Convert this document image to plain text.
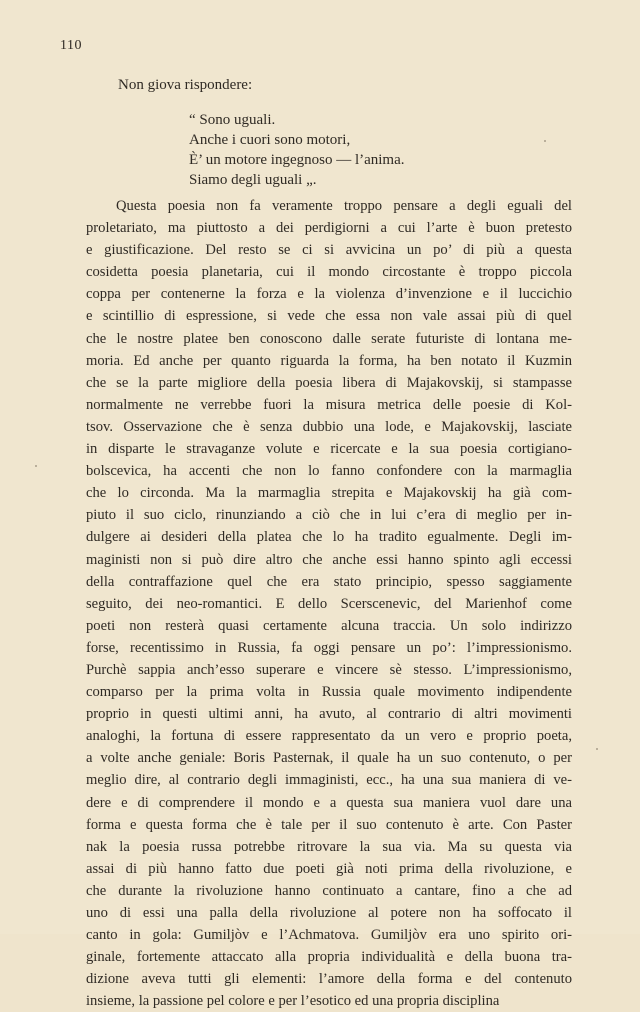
110
Non giova rispondere:
“ Sono uguali.
Anche i cuori sono motori,
È’ un motore ingegnoso — l’anima.
Siamo degli uguali „.
Questa poesia non fa veramente troppo pensare a degli eguali del
proletariato, ma piuttosto a dei perdigiorni a cui l’arte è buon pretesto
e giustificazione. Del resto se ci si avvicina un po’ di più a questa
cosidetta poesia planetaria, cui il mondo circostante è troppo piccola
coppa per contenerne la forza e la violenza d’invenzione e il luccichio
e scintillio di espressione, si vede che essa non vale assai più di quel
che le nostre platee ben conoscono dalle serate futuriste di lontana me-
moria. Ed anche per quanto riguarda la forma, ha ben notato il Kuzmin
che se la parte migliore della poesia libera di Majakovskij, si stampasse
normalmente ne verrebbe fuori la misura metrica delle poesie di Kol-
tsov. Osservazione che è senza dubbio una lode, e Majakovskij, lasciate
in disparte le stravaganze volute e ricercate e la sua poesia cortigiano-
bolscevica, ha accenti che non lo fanno confondere con la marmaglia
che lo circonda. Ma la marmaglia strepita e Majakovskij ha già com-
piuto il suo ciclo, rinunziando a ciò che in lui c’era di meglio per in-
dulgere ai desideri della platea che lo ha tradito egualmente. Degli im-
maginisti non si può dire altro che anche essi hanno spinto agli eccessi
della contraffazione quel che era stato principio, spesso saggiamente
seguito, dei neo-romantici. E dello Scerscenevic, del Marienhof come
poeti non resterà quasi certamente alcuna traccia. Un solo indirizzo
forse, recentissimo in Russia, fa oggi pensare un po’: l’impressionismo.
Purchè sappia anch’esso superare e vincere sè stesso. L’impressionismo,
comparso per la prima volta in Russia quale movimento indipendente
proprio in questi ultimi anni, ha avuto, al contrario di altri movimenti
analoghi, la fortuna di essere rappresentato da un vero e proprio poeta,
a volte anche geniale: Boris Pasternak, il quale ha un suo contenuto, o per
meglio dire, al contrario degli immaginisti, ecc., ha una sua maniera di ve-
dere e di comprendere il mondo e a questa sua maniera vuol dare una
forma e questa forma che è tale per il suo contenuto è arte. Con Paster
nak la poesia russa potrebbe ritrovare la sua via. Ma su questa via
assai di più hanno fatto due poeti già noti prima della rivoluzione, e
che durante la rivoluzione hanno continuato a cantare, fino a che ad
uno di essi una palla della rivoluzione al potere non ha soffocato il
canto in gola: Gumiljòv e l’Achmatova. Gumiljòv era uno spirito ori-
ginale, fortemente attaccato alla propria individualità e della buona tra-
dizione aveva tutti gli elementi: l’amore della forma e del contenuto
insieme, la passione pel colore e per l’esotico ed una propria disciplina
